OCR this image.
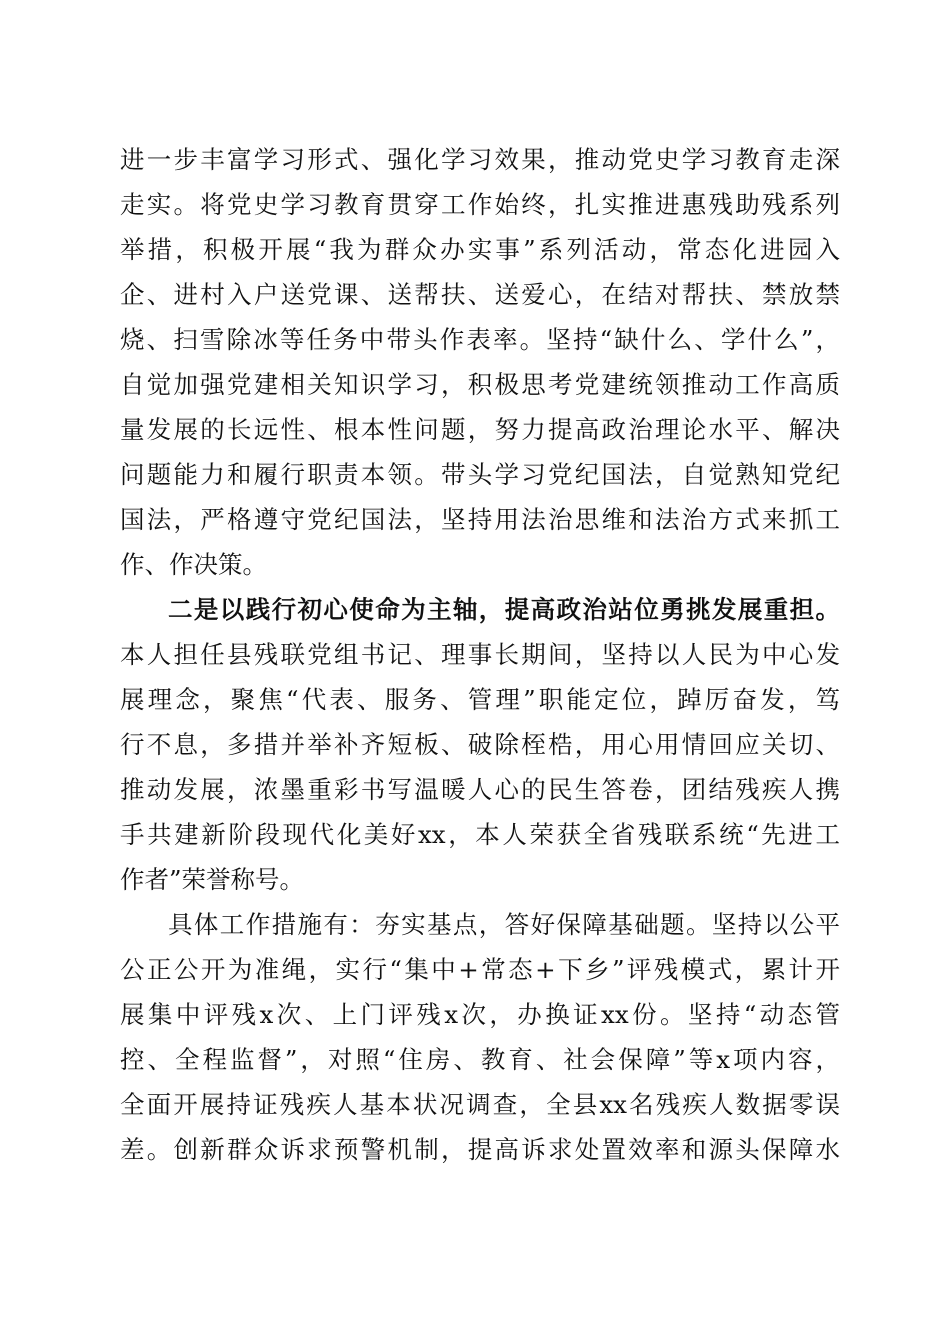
进一步丰富学习形式、强化学习效果，推动党史学习教育走深
走实。将党史学习教育贯穿工作始终，扎实推进惠残助残系列
举措，积极开展“我为群众办实事”系列活动，常态化进园入
企、进村入户送党课、送帮扶、送爱心，在结对帮扶、禁放禁
烧、扫雪除冰等任务中带头作表率。坚持“缺什么、学什么”，
自觉加强党建相关知识学习，积极思考党建统领推动工作高质
量发展的长远性、根本性问题，努力提高政治理论水平、解决
问题能力和履行职责本领。带头学习党纪国法，自觉熟知党纪
国法，严格遵守党纪国法，坚持用法治思维和法治方式来抓工
作、作决策。
二是以践行初心使命为主轴，提高政治站位勇挑发展重担。
本人担任县残联党组书记、理事长期间，坚持以人民为中心发
展理念，聚焦“代表、服务、管理”职能定位，踔厉奋发，笃
行不息，多措并举补齐短板、破除桎梏，用心用情回应关切、
推动发展，浓墨重彩书写温暖人心的民生答卷，团结残疾人携
手共建新阶段现代化美好xx，本人荣获全省残联系统“先进工
作者”荣誉称号。
具体工作措施有：夯实基点，答好保障基础题。坚持以公平
公正公开为准绳，实行“集中+常态+下乡”评残模式，累计开
展集中评残x次、上门评残x次，办换证xx份。坚持“动态管
控、全程监督”，对照“住房、教育、社会保障”等x项内容，
全面开展持证残疾人基本状况调查，全县xx名残疾人数据零误
差。创新群众诉求预警机制，提高诉求处置效率和源头保障水
